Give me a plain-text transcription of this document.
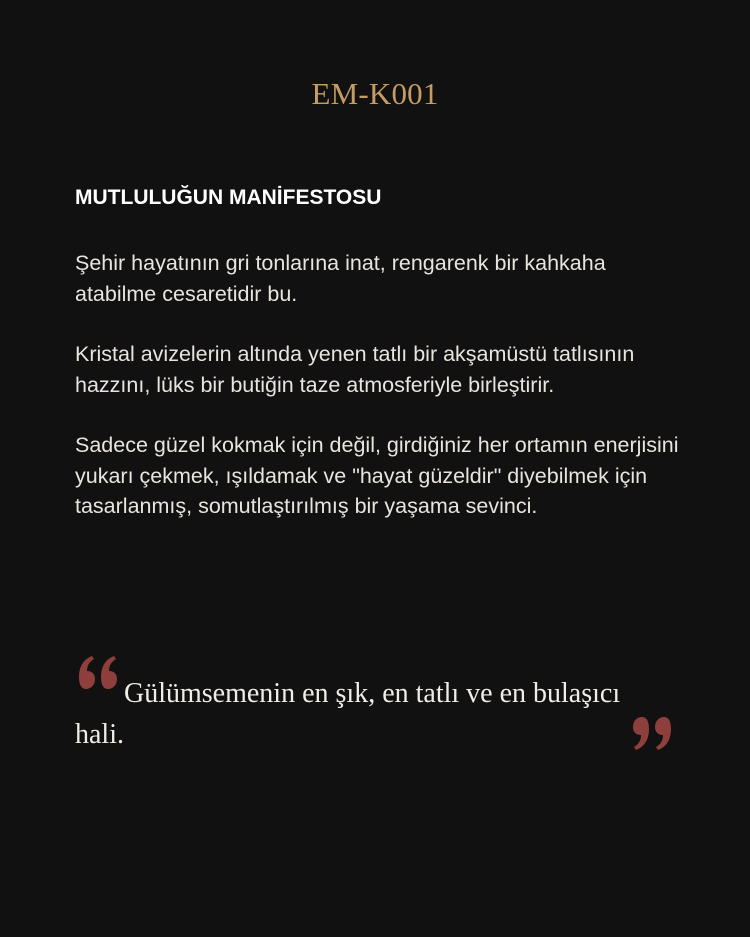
EM-K001
MUTLULUĞUN MANİFESTOSU

Şehir hayatının gri tonlarına inat, rengarenk bir kahkaha atabilme cesaretidir bu.

Kristal avizelerin altında yenen tatlı bir akşamüstü tatlısının hazzını, lüks bir butiğin taze atmosferiyle birleştirir.

Sadece güzel kokmak için değil, girdiğiniz her ortamın enerjisini yukarı çekmek, ışıldamak ve "hayat güzeldir" diyebilmek için tasarlanmış, somutlaştırılmış bir yaşama sevinci.

Gülümsemenin en şık, en tatlı ve en bulaşıcı hali.
